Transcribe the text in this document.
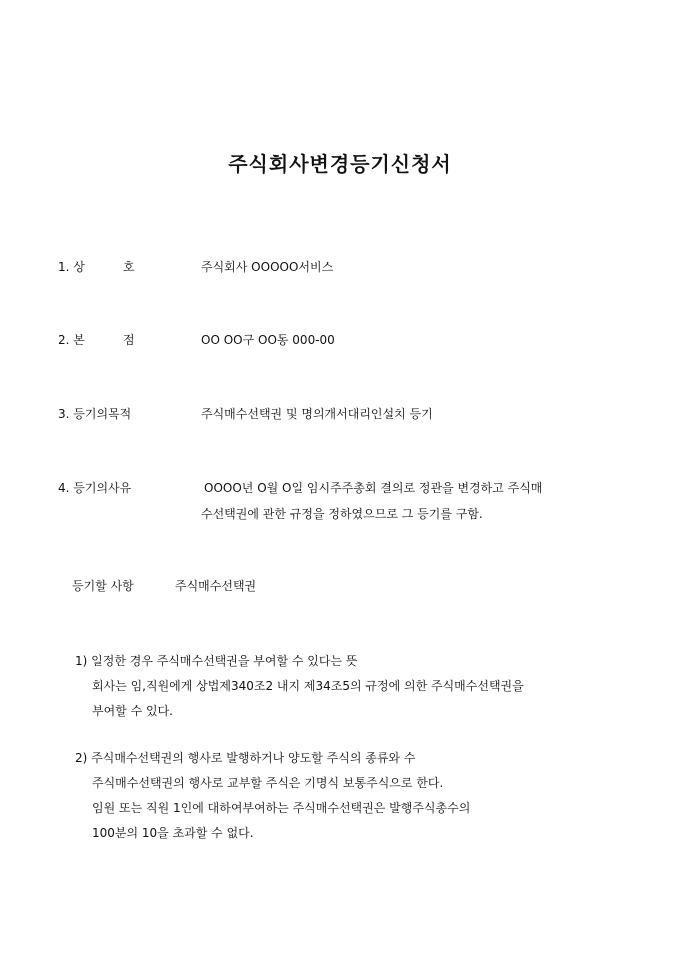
주식회사변경등기신청서
1. 상          호	주식회사 OOOOO서비스
2. 본          점	OO OO구 OO동 000-00
3. 등기의목적	주식매수선택권 및 명의개서대리인설치 등기
4. 등기의사유	OOOO년 O월 O일 임시주주총회 결의로 정관을 변경하고 주식매
수선택권에 관한 규정을 정하였으므로 그 등기를 구함.
등기할 사항	주식매수선택권
1) 일정한 경우 주식매수선택권을 부여할 수 있다는 뜻
회사는 임,직원에게 상법제340조2 내지 제34조5의 규정에 의한 주식매수선택권을
부여할 수 있다.
2) 주식매수선택권의 행사로 발행하거나 양도할 주식의 종류와 수
주식매수선택권의 행사로 교부할 주식은 기명식 보통주식으로 한다.
임원 또는 직원 1인에 대하여부여하는 주식매수선택권은 발행주식총수의
100분의 10을 초과할 수 없다.
